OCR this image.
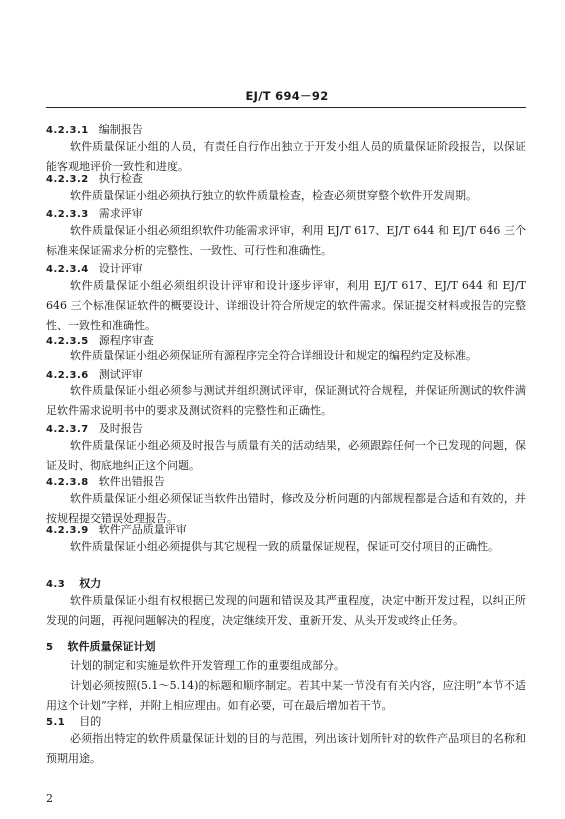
EJ/T 694－92
4.2.3.1 编制报告
软件质量保证小组的人员，有责任自行作出独立于开发小组人员的质量保证阶段报告，以保证能客观地评价一致性和进度。
4.2.3.2 执行检查
软件质量保证小组必须执行独立的软件质量检查，检查必须贯穿整个软件开发周期。
4.2.3.3 需求评审
软件质量保证小组必须组织软件功能需求评审，利用 EJ/T 617、EJ/T 644 和 EJ/T 646 三个标准来保证需求分析的完整性、一致性、可行性和准确性。
4.2.3.4 设计评审
软件质量保证小组必须组织设计评审和设计逐步评审，利用 EJ/T 617、EJ/T 644 和 EJ/T 646 三个标准保证软件的概要设计、详细设计符合所规定的软件需求。保证提交材料或报告的完整性、一致性和准确性。
4.2.3.5 源程序审查
软件质量保证小组必须保证所有源程序完全符合详细设计和规定的编程约定及标准。
4.2.3.6 测试评审
软件质量保证小组必须参与测试并组织测试评审，保证测试符合规程，并保证所测试的软件满足软件需求说明书中的要求及测试资料的完整性和正确性。
4.2.3.7 及时报告
软件质量保证小组必须及时报告与质量有关的活动结果，必须跟踪任何一个已发现的问题，保证及时、彻底地纠正这个问题。
4.2.3.8 软件出错报告
软件质量保证小组必须保证当软件出错时，修改及分析问题的内部规程都是合适和有效的，并按规程提交错误处理报告。
4.2.3.9 软件产品质量评审
软件质量保证小组必须提供与其它规程一致的质量保证规程，保证可交付项目的正确性。
4.3 权力
软件质量保证小组有权根据已发现的问题和错误及其严重程度，决定中断开发过程，以纠正所发现的问题，再视问题解决的程度，决定继续开发、重新开发、从头开发或终止任务。
5 软件质量保证计划
计划的制定和实施是软件开发管理工作的重要组成部分。
计划必须按照(5.1～5.14)的标题和顺序制定。若其中某一节没有有关内容，应注明“本节不适用这个计划”字样，并附上相应理由。如有必要，可在最后增加若干节。
5.1 目的
必须指出特定的软件质量保证计划的目的与范围，列出该计划所针对的软件产品项目的名称和预期用途。
2
